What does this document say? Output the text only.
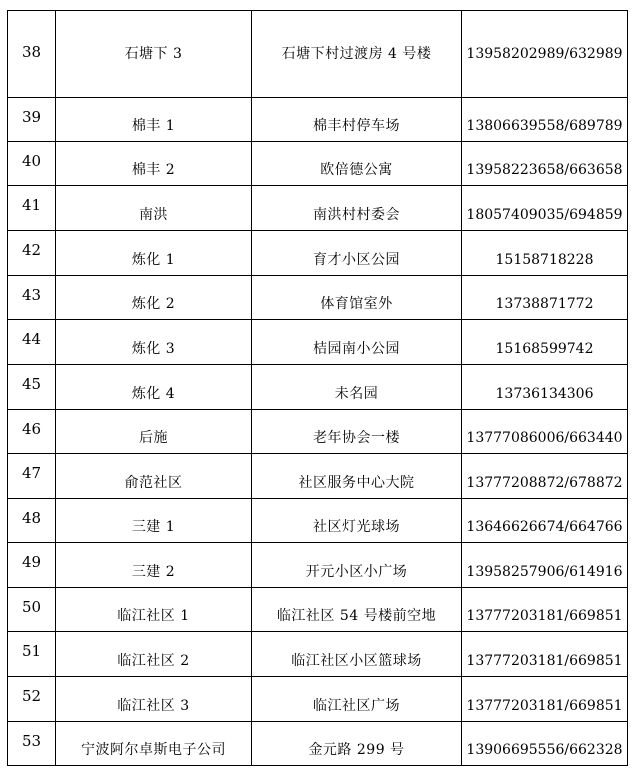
38	石塘下 3	石塘下村过渡房 4 号楼	13958202989/632989
39	棉丰 1	棉丰村停车场	13806639558/689789
40	棉丰 2	欧倍德公寓	13958223658/663658
41	南洪	南洪村村委会	18057409035/694859
42	炼化 1	育才小区公园	15158718228
43	炼化 2	体育馆室外	13738871772
44	炼化 3	桔园南小公园	15168599742
45	炼化 4	未名园	13736134306
46	后施	老年协会一楼	13777086006/663440
47	俞范社区	社区服务中心大院	13777208872/678872
48	三建 1	社区灯光球场	13646626674/664766
49	三建 2	开元小区小广场	13958257906/614916
50	临江社区 1	临江社区 54 号楼前空地	13777203181/669851
51	临江社区 2	临江社区小区篮球场	13777203181/669851
52	临江社区 3	临江社区广场	13777203181/669851
53	宁波阿尔卓斯电子公司	金元路 299 号	13906695556/662328
